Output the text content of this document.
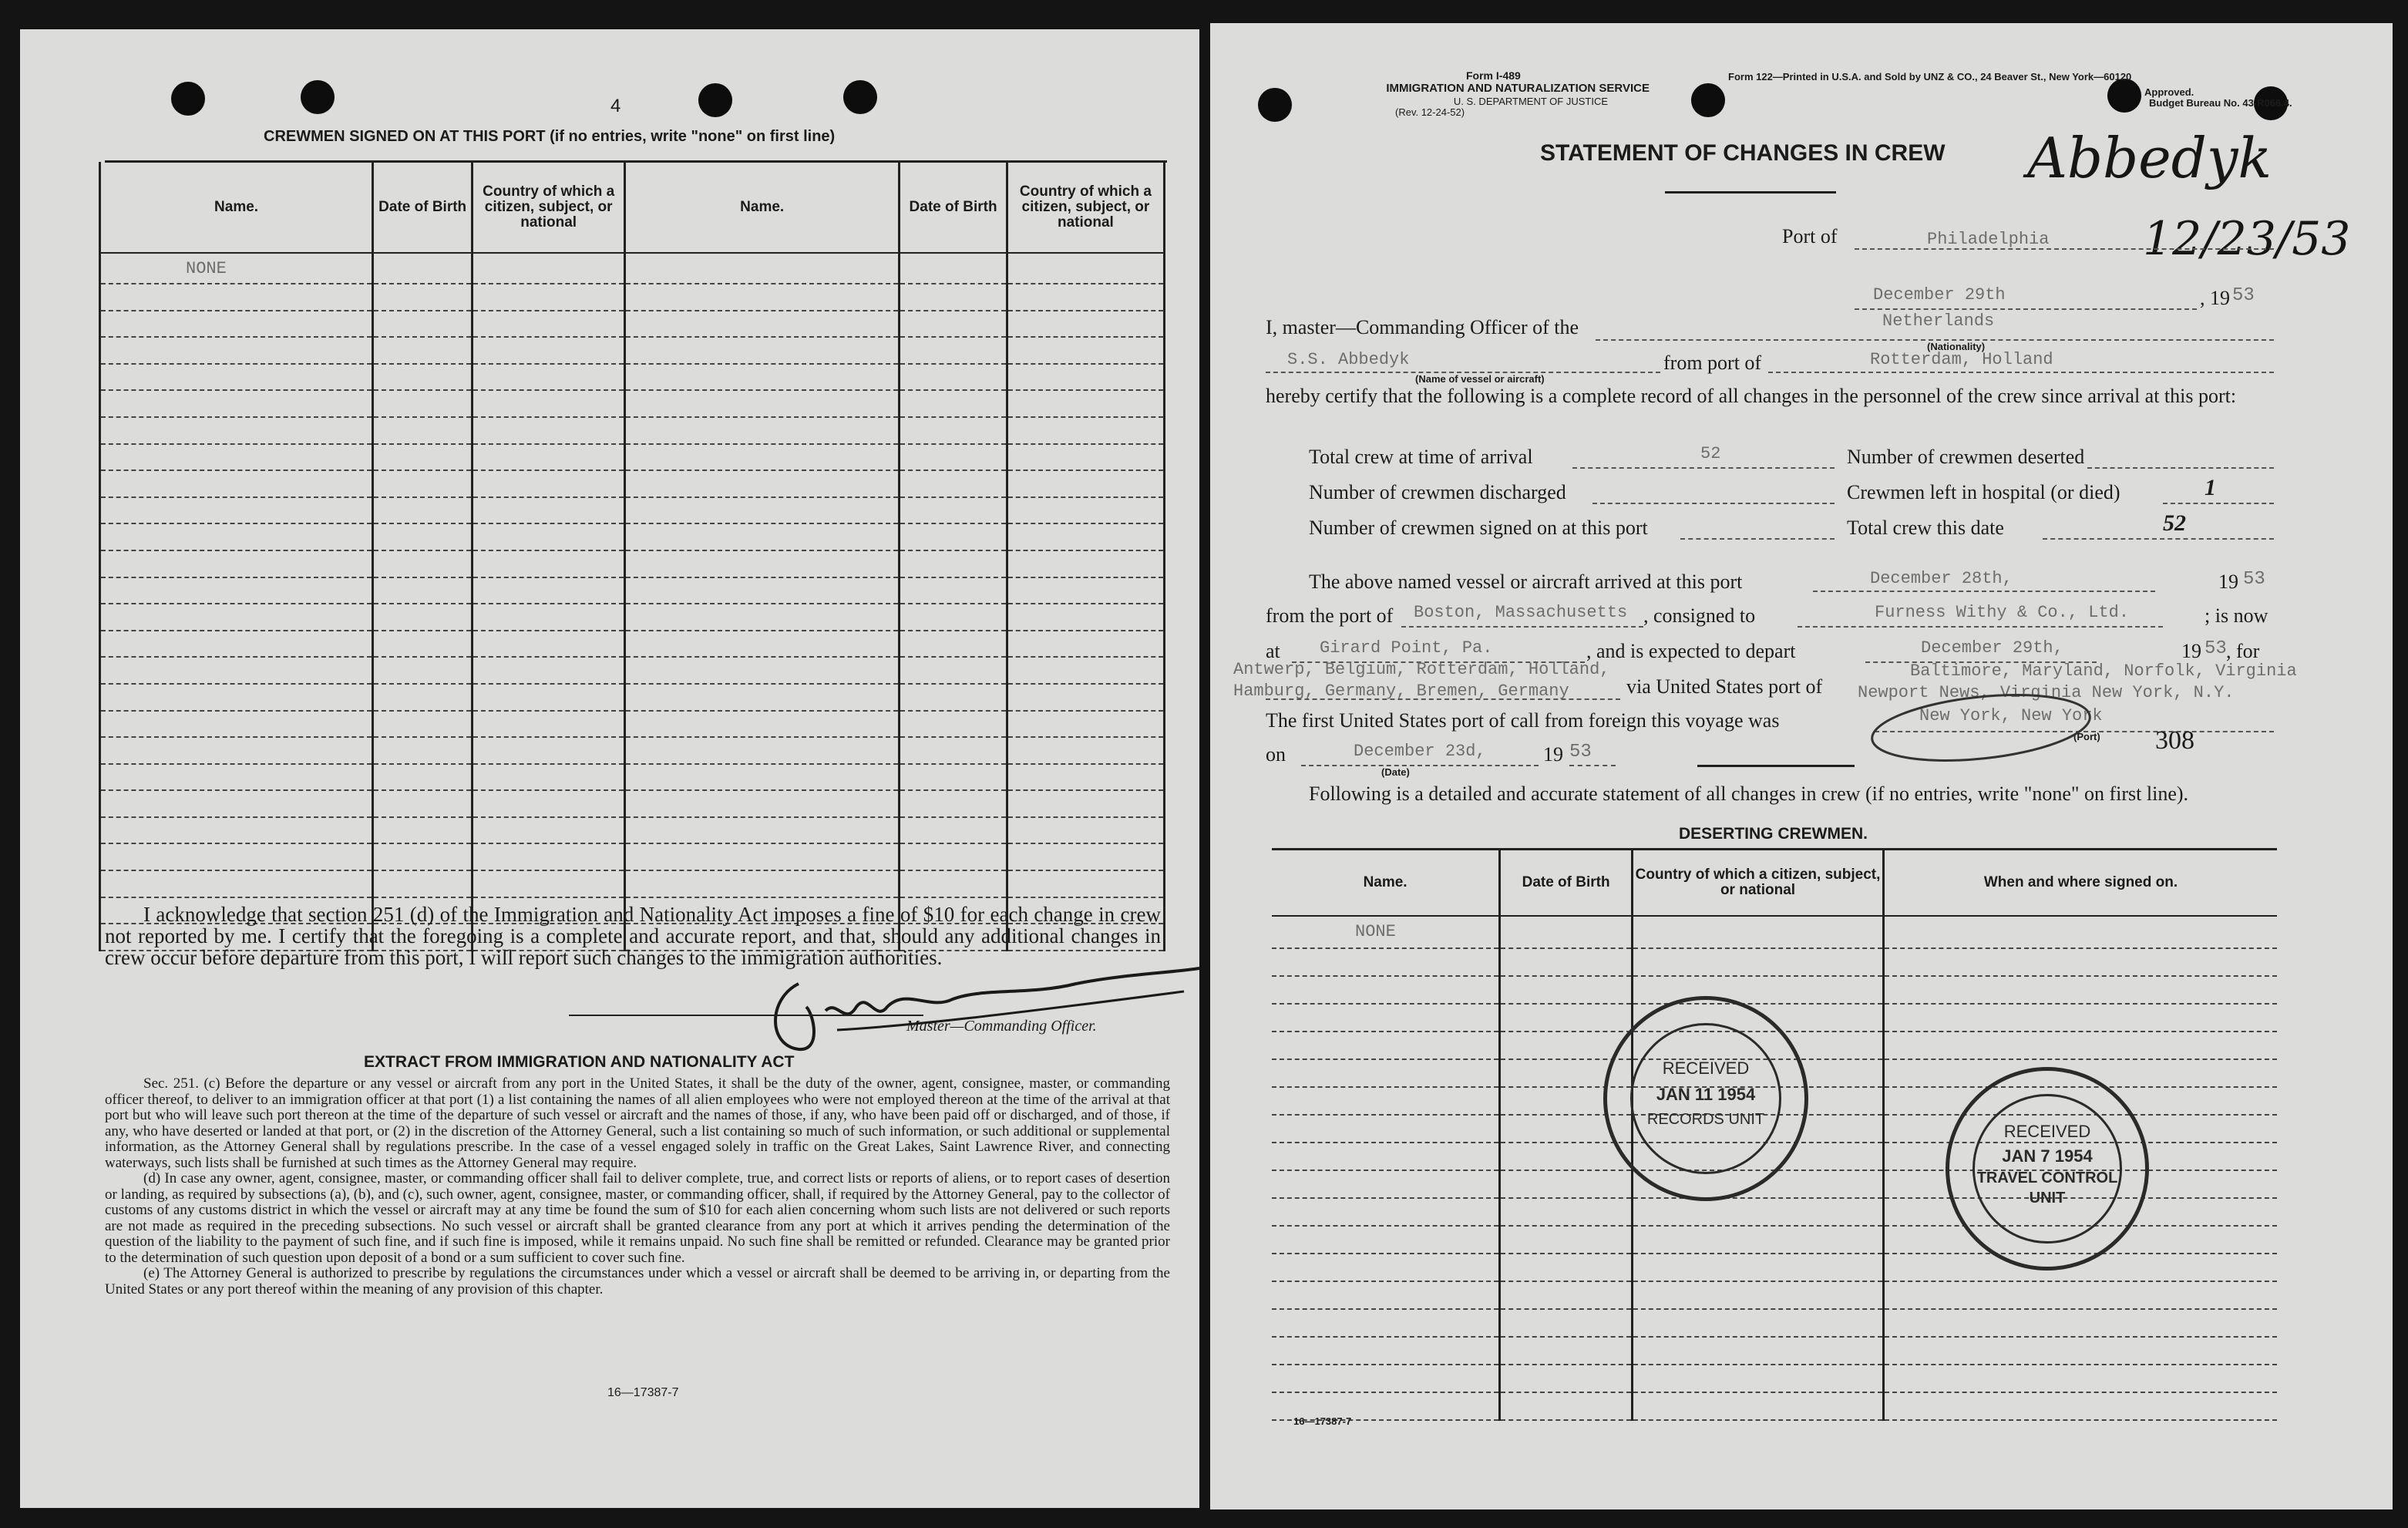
4
CREWMEN SIGNED ON AT THIS PORT (if no entries, write "none" on first line)
Name.	Date of Birth	Country of which a citizen, subject, or national	Name.	Date of Birth	Country of which a citizen, subject, or national
NONE					

I acknowledge that section 251 (d) of the Immigration and Nationality Act imposes a fine of $10 for each change in crew not reported by me. I certify that the foregoing is a complete and accurate report, and that, should any additional changes in crew occur before departure from this port, I will report such changes to the immigration authorities.

Master—Commanding Officer.
EXTRACT FROM IMMIGRATION AND NATIONALITY ACT

Sec. 251. (c) Before the departure or any vessel or aircraft from any port in the United States, it shall be the duty of the owner, agent, consignee, master, or commanding officer thereof, to deliver to an immigration officer at that port (1) a list containing the names of all alien employees who were not employed thereon at the time of the arrival at that port but who will leave such port thereon at the time of the departure of such vessel or aircraft and the names of those, if any, who have been paid off or discharged, and of those, if any, who have deserted or landed at that port, or (2) in the discretion of the Attorney General, such a list containing so much of such information, or such additional or supplemental information, as the Attorney General shall by regulations prescribe. In the case of a vessel engaged solely in traffic on the Great Lakes, Saint Lawrence River, and connecting waterways, such lists shall be furnished at such times as the Attorney General may require.

(d) In case any owner, agent, consignee, master, or commanding officer shall fail to deliver complete, true, and correct lists or reports of aliens, or to report cases of desertion or landing, as required by subsections (a), (b), and (c), such owner, agent, consignee, master, or commanding officer, shall, if required by the Attorney General, pay to the collector of customs of any customs district in which the vessel or aircraft may at any time be found the sum of $10 for each alien concerning whom such lists are not delivered or such reports are not made as required in the preceding subsections. No such vessel or aircraft shall be granted clearance from any port at which it arrives pending the determination of the question of the liability to the payment of such fine, and if such fine is imposed, while it remains unpaid. No such fine shall be remitted or refunded. Clearance may be granted prior to the determination of such question upon deposit of a bond or a sum sufficient to cover such fine.

(e) The Attorney General is authorized to prescribe by regulations the circumstances under which a vessel or aircraft shall be deemed to be arriving in, or departing from the United States or any port thereof within the meaning of any provision of this chapter.

16—17387-7
Form I-489
IMMIGRATION AND NATURALIZATION SERVICE
U. S. DEPARTMENT OF JUSTICE
(Rev. 12-24-52)
Form 122—Printed in U.S.A. and Sold by UNZ & CO., 24 Beaver St., New York—60120
Approved.
Budget Bureau No. 43-R066.4.
STATEMENT OF CHANGES IN CREW Abbedyk
12/23/53
Port of	Philadelphia
December 29th	, 19 53
I, master—Commanding Officer of the	Netherlands
(Nationality)
S.S. Abbedyk
(Name of vessel or aircraft)
from port of	Rotterdam, Holland

hereby certify that the following is a complete record of all changes in the personnel of the crew since arrival at this port:

Total crew at time of arrival	52	Number of crewmen deserted
Number of crewmen discharged	Crewmen left in hospital (or died)	1
Number of crewmen signed on at this port	Total crew this date	52
The above named vessel or aircraft arrived at this port	December 28th,	19 53
from the port of Boston, Massachusetts , consigned to	Furness Withy & Co., Ltd.	; is now
at Girard Point, Pa.	, and is expected to depart	December 29th,	19 53 , for
Antwerp, Belgium, Rotterdam, Holland,
Hamburg, Germany, Bremen, Germany	via United States port of
Baltimore, Maryland, Norfolk, Virginia
Newport News, Virginia New York, N.Y.
The first United States port of call from foreign this voyage was	New York, New York
(Port) 308
on	December 23d,
(Date)
19 53

Following is a detailed and accurate statement of all changes in crew (if no entries, write "none" on first line).

DESERTING CREWMEN.
Name.	Date of Birth	Country of which a citizen, subject, or national	When and where signed on.
NONE			

RECEIVED
JAN 11 1954
RECORDS UNIT
RECEIVED
JAN 7 1954
TRAVEL CONTROL
UNIT
16—17387-7
